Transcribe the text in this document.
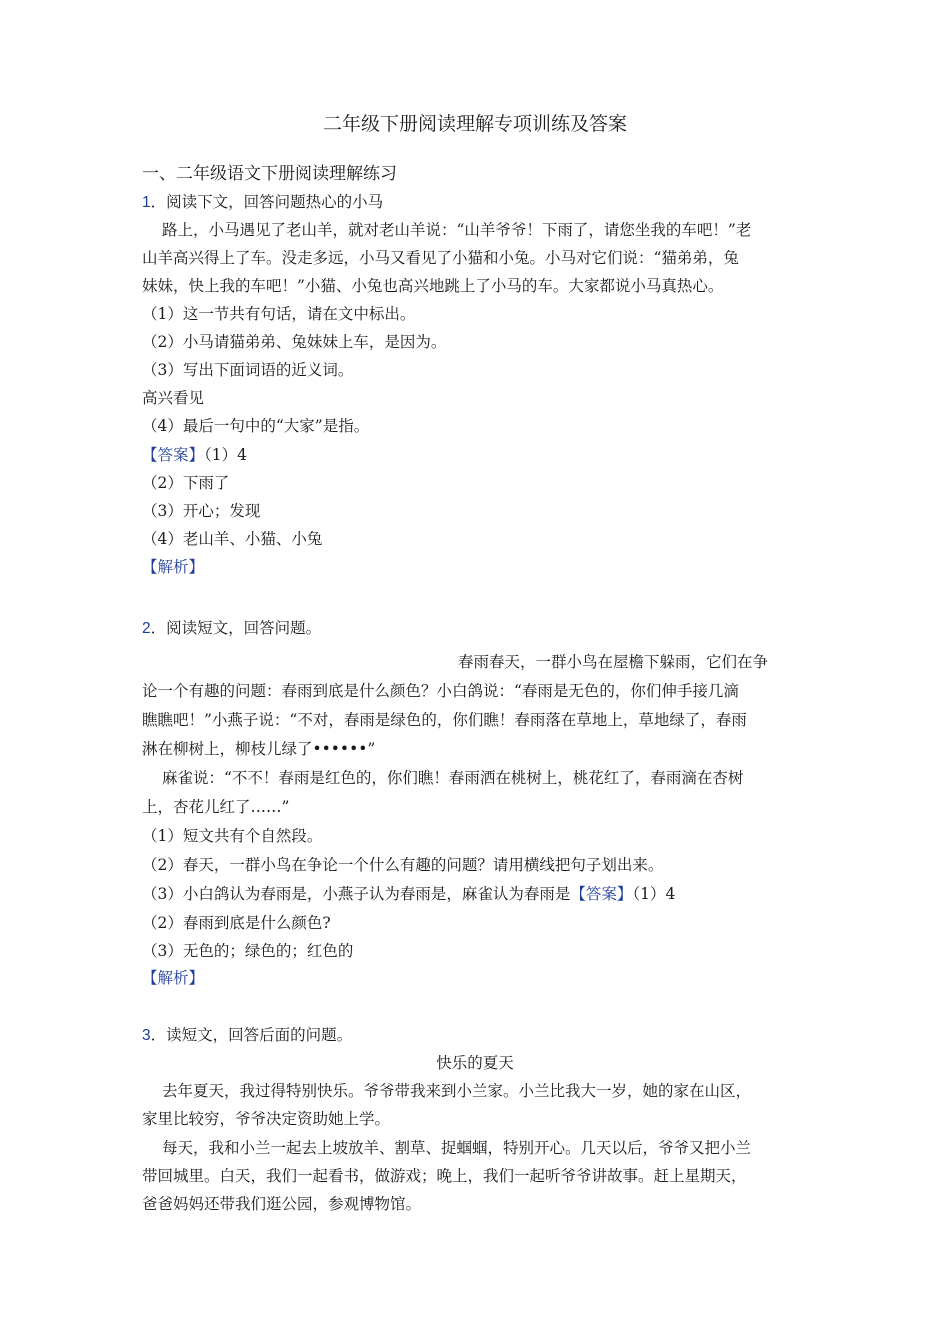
二年级下册阅读理解专项训练及答案
一、二年级语文下册阅读理解练习
1．阅读下文，回答问题热心的小马
路上，小马遇见了老山羊，就对老山羊说：“山羊爷爷！下雨了，请您坐我的车吧！”老
山羊高兴得上了车。没走多远，小马又看见了小猫和小兔。小马对它们说：“猫弟弟，兔
妹妹，快上我的车吧！”小猫、小兔也高兴地跳上了小马的车。大家都说小马真热心。
（1）这一节共有句话，请在文中标出。
（2）小马请猫弟弟、兔妹妹上车，是因为。
（3）写出下面词语的近义词。
高兴看见
（4）最后一句中的“大家”是指。
【答案】（1）4
（2）下雨了
（3）开心；发现
（4）老山羊、小猫、小兔
【解析】
2．阅读短文，回答问题。
春雨春天，一群小鸟在屋檐下躲雨，它们在争
论一个有趣的问题：春雨到底是什么颜色？小白鸽说：“春雨是无色的，你们伸手接几滴
瞧瞧吧！”小燕子说：“不对，春雨是绿色的，你们瞧！春雨落在草地上，草地绿了，春雨
淋在柳树上，柳枝儿绿了••••••”
麻雀说：“不不！春雨是红色的，你们瞧！春雨洒在桃树上，桃花红了，春雨滴在杏树
上，杏花儿红了……”
（1）短文共有个自然段。
（2）春天，一群小鸟在争论一个什么有趣的问题？请用横线把句子划出来。
（3）小白鸽认为春雨是，小燕子认为春雨是，麻雀认为春雨是【答案】（1）4
（2）春雨到底是什么颜色?
（3）无色的；绿色的；红色的
【解析】
3．读短文，回答后面的问题。
快乐的夏天
去年夏天，我过得特别快乐。爷爷带我来到小兰家。小兰比我大一岁，她的家在山区，
家里比较穷，爷爷决定资助她上学。
每天，我和小兰一起去上坡放羊、割草、捉蝈蝈，特别开心。几天以后，爷爷又把小兰
带回城里。白天，我们一起看书，做游戏；晚上，我们一起听爷爷讲故事。赶上星期天，
爸爸妈妈还带我们逛公园，参观博物馆。
